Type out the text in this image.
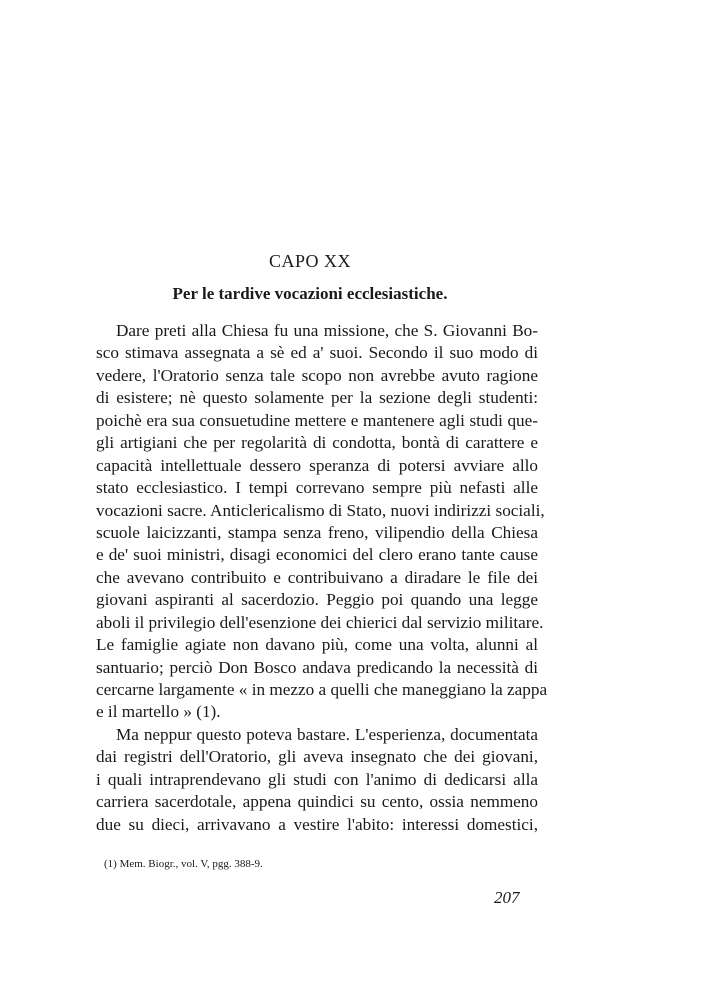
CAPO XX
Per le tardive vocazioni ecclesiastiche.
Dare preti alla Chiesa fu una missione, che S. Giovanni Bo-
sco stimava assegnata a sè ed a' suoi. Secondo il suo modo di
vedere, l'Oratorio senza tale scopo non avrebbe avuto ragione
di esistere; nè questo solamente per la sezione degli studenti:
poichè era sua consuetudine mettere e mantenere agli studi que-
gli artigiani che per regolarità di condotta, bontà di carattere e
capacità intellettuale dessero speranza di potersi avviare allo
stato ecclesiastico. I tempi correvano sempre più nefasti alle
vocazioni sacre. Anticlericalismo di Stato, nuovi indirizzi sociali,
scuole laicizzanti, stampa senza freno, vilipendio della Chiesa
e de' suoi ministri, disagi economici del clero erano tante cause
che avevano contribuito e contribuivano a diradare le file dei
giovani aspiranti al sacerdozio. Peggio poi quando una legge
aboli il privilegio dell'esenzione dei chierici dal servizio militare.
Le famiglie agiate non davano più, come una volta, alunni al
santuario; perciò Don Bosco andava predicando la necessità di
cercarne largamente « in mezzo a quelli che maneggiano la zappa
e il martello » (1).
Ma neppur questo poteva bastare. L'esperienza, documentata
dai registri dell'Oratorio, gli aveva insegnato che dei giovani,
i quali intraprendevano gli studi con l'animo di dedicarsi alla
carriera sacerdotale, appena quindici su cento, ossia nemmeno
due su dieci, arrivavano a vestire l'abito: interessi domestici,
(1) Mem. Biogr., vol. V, pgg. 388-9.
207
